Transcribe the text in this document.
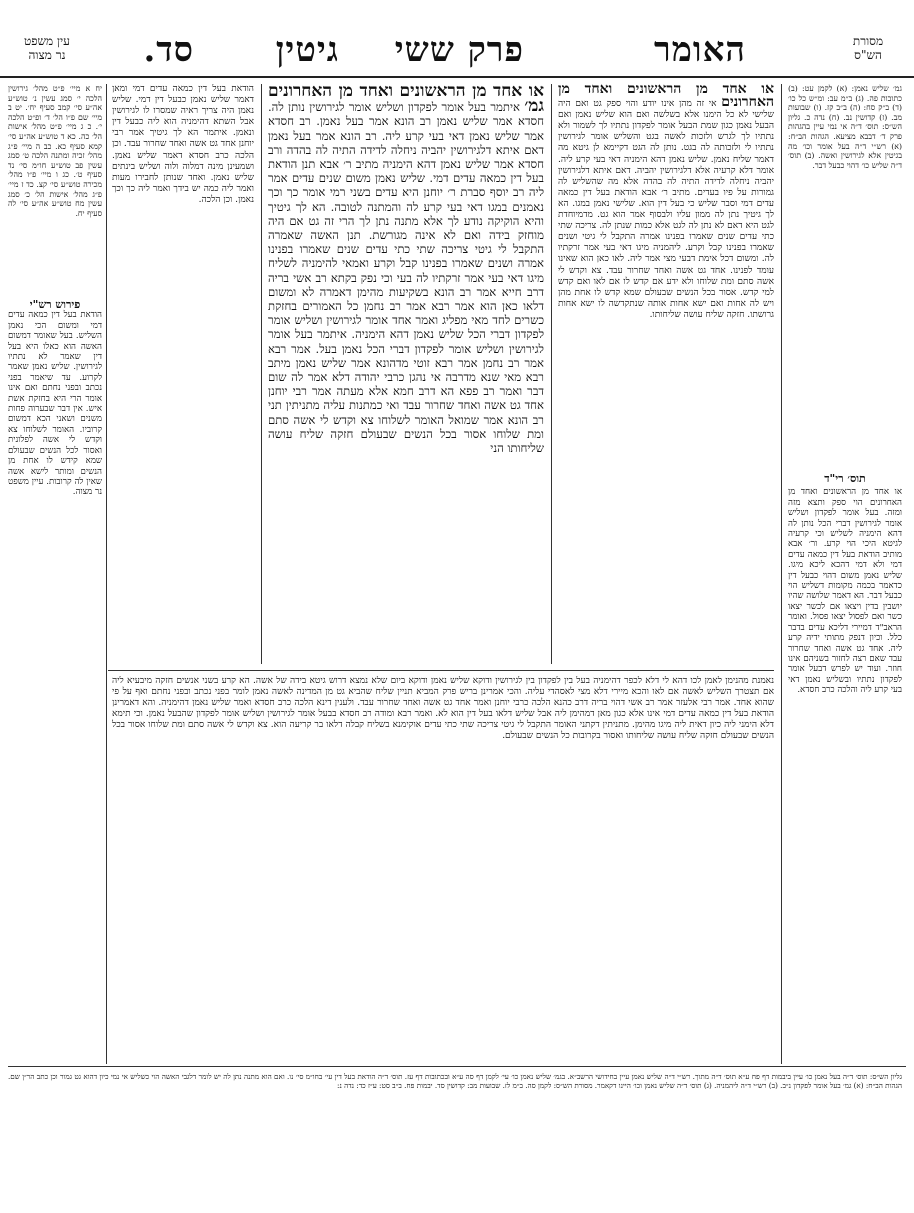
מסורת
הש"ס
האומר
פרק ששי
גיטין
סד.
עין משפט
נר מצוה

גמ׳ שליש נאמן: (א) לקמן עט: (ב) כתובות פה. (ג) ב״מ עב: ומ״ש כל כו׳ (ד) ב״ק סח: (ה) ב״ב קז. (ו) שבועות מב. (ז) קדושין נב. (ח) נדה כ. גליון הש״ס: תוס׳ ד״ה אי נמי עיין בהגהות פרק ד׳ דבבא מציעא. הגהות הב״ח: (א) רש״י ד״ה בעל אומר וכו׳ מה בגיטין אלא לגירושין ואשה. (ב) תוס׳ ד״ה שליש כו׳ דהוי כבעל דבר.

תוס׳ רי"ד

או אחד מן הראשונים ואחד מן האחרונים הוי ספק ותצא מזה ומזה. בעל אומר לפקדון ושליש אומר לגירושין דברי הכל נותן לה דהא הימניה לשליש וכי קרעיה לגיטא היכי הוי קרע. ור׳ אבא מותיב הודאת בעל דין כמאה עדים דמי ולא דמי דהכא ליכא מיגו. שליש נאמן משום דהוי כבעל דין כדאמר בכמה מקומות דשליש הוי כבעל דבר. הא דאמר שלושה שהיו יושבין בדין ויצאו אם לכשר יצאו כשר ואם לפסול יצאו פסול. ואומר הראב"ד דמיירי דליכא עדים בדבר כלל. וכיון דנפק מתותי ידיה קרע ליה. אחד גט אשה ואחד שחרור עבד שאם רצה לחזור בשניהם אינו חוזר. ועוד יש לפרש דבעל אומר לפקדון נתתיו ובשליש נאמן דאי בעי קרע ליה והלכה כרב חסדא.

או אחד מן הראשונים ואחד מן האחרונים אי זה מהן אינו יודע והוי ספק גט ואם היה שלישי לא כל הימנו אלא בשלשה ואם הוא שליש נאמן ואם הבעל נאמן כגון שמת הבעל אומר לפקדון נתתיו לך לשמור ולא נתתיו לך לגרש ולזכות לאשה בגט והשליש אומר לגירושין נתתיו לי ולזכותה לה בגט. נותן לה הגט דקיימא לן גיטא מה דאמר שליח נאמן. שליש נאמן דהא הימניה דאי בעי קרע ליה. אומר דלא קרעיה אלא דלגירושין יהביה. דאם איתא דלגירושין יהביה ניחלה לדידה התיה לה בהדה אלא מה שהשליש לה גמורות על פיו בעדים. מתיב ר׳ אבא הודאת בעל דין כמאה עדים דמי וסבר שליש כי בעל דין הוא. שלישי נאמן במגו. הא לך גיטיך נתן לה ממון עליו ולבסוף אמר הוא גט. מדמיוחדת לגט היא דאם לא נתן לה לגט אלא כמות שנתן לה. צריכה שתי כתי עדים שנים שאמרו בפנינו אמרה התקבל לי גיטי ושנים שאמרו בפנינו קבל וקרע. ליהמניה מיגו דאי בעי אמר זרקתיו לה. ומשום דכל אימת דבעי מצי אמר ליה. לאו כאן הוא שאינו עומד לפנינו. אחד גט אשה ואחד שחרור עבד. צא וקדש לי אשה סתם ומת שלוחו ולא ידע אם קדש לו אם לאו ואם קדש למי קדש. אסור בכל הנשים שבעולם שמא קדש לו אחת מהן ויש לה אחות ואם ישא אחות אותה שנתקדשה לו ישא אחות גרושתו. חזקה שליח עושה שליחותו.

או אחד מן הראשונים ואחד מן האחרונים גמ׳ איתמר בעל אומר לפקדון ושליש אומר לגירושין נותן לה. חסדא אמר שליש נאמן רב הונא אמר בעל נאמן. רב חסדא אמר שליש נאמן דאי בעי קרע ליה. רב הונא אמר בעל נאמן דאם איתא דלגירושין יהביה ניחלה לדידה התיה לה בהדה ורב חסדא אמר שליש נאמן דהא הימניה מתיב ר׳ אבא תנן הודאת בעל דין כמאה עדים דמי. שליש נאמן משום שנים עדים אמר ליה רב יוסף סברת ר׳ יוחנן היא עדים בשני רמי אומר כך וכך נאמנים במגו דאי בעי קרע לה והמתנה לטובה. הא לך גיטיך והיא הוקיקה נודע לך אלא מתנה נתן לך הרי זה גט אם היה מוחזק בידה ואם לא אינה מגורשת. תנן האשה שאמרה התקבל לי גיטי צריכה שתי כתי עדים שנים שאמרו בפנינו אמרה ושנים שאמרו בפנינו קבל וקרע ואמאי להימניה לשליח מיגו דאי בעי אמר זרקתיו לה בעי וכי נפק בקתא רב אשי בריה דרב חייא אמר רב הונא בשקיעות מהימן דאמרה לא ומשום דלאו כאן הוא אמר רבא אמר רב נחמן כל האמורים בחזקת כשרים לחד מאי מפליג ואמר אחד אומר לגירושין ושליש אומר לפקדון דברי הכל שליש נאמן דהא הימניה. איתמר בעל אומר לגירושין ושליש אומר לפקדון דברי הכל נאמן בעל. אמר רבא אמר רב נחמן אמר רבא זוטי מדהונא אמר שליש נאמן מיתב רבא מאי שנא מדרבה אי נהגן כרבי יהודה דלא אמר לה שום דבר ואמר רב פפא הא דרב חמא אלא מעתה אמר רבי יוחנן אחד גט אשה ואחד שחרור עבד ואי כמתנות עליה מתניתין תני רב הונא אמר שמואל האומר לשלוחו צא וקדש לי אשה סתם ומת שלוחו אסור בכל הנשים שבעולם חזקה שליח עושה שליחותו הני

הודאת בעל דין כמאה עדים דמי ומאן דאמר שליש נאמן כבעל דין דמי. שליש נאמן היה צריך ראיה שמסרו לו לגירושין אבל השתא דהימניה הוא ליה כבעל דין ונאמן. איתמר הא לך גיטיך אמר רבי יוחנן אחד גט אשה ואחד שחרור עבד. וכן הלכה כרב חסדא דאמר שליש נאמן. ושמעינן מינה דמלוה ולוה ושליש בינתים שליש נאמן. ואחד שנותן לחבירו מעות ואמר ליה כמה יש בידך ואמר ליה כך וכך נאמן. וכן הלכה.

יח א מיי׳ פ״ט מהל׳ גירושין הלכה י׳ סמג עשין נ׳ טוש״ע אה״ע סי׳ קמב סעיף יח׳. יט ב מיי׳ שם פ״ו הל׳ ד׳ ופ״ט הלכה י׳. כ ג מיי׳ פ״ט מהל׳ אישות הל׳ כה. כא ד טוש״ע אה״ע סי׳ קמא סעיף כא. כב ה מיי׳ פ״ג מהל׳ זכיה ומתנה הלכה ט׳ סמג עשין פב טוש״ע חו״מ סי׳ נד סעיף ט׳. כג ו מיי׳ פ״ו מהל׳ מכירה טוש״ע סי׳ קצ. כד ז מיי׳ פ״ג מהל׳ אישות הל׳ כ׳ סמג עשין מח טוש״ע אה״ע סי׳ לה סעיף יח.

פירוש רש"י

הודאת בעל דין כמאה עדים דמי ומשום הכי נאמן השליש. בעל שאומר דמשום האשה הוא כאלו היא בעל דין שאמר לא נתתיו לגירושין. שליש נאמן שאמר לקרוע. עד שיאמר בפני נכתב ובפני נחתם ואם אינו אומר הרי היא בחזקת אשת איש. אין דבר שבערוה פחות משנים ושאני הכא דמשום קרוביו. האומר לשלוחו צא וקדש לי אשה לפלונית ואסור לכל הנשים שבעולם שמא קידש לו אחת מן הנשים ומותר לישא אשה שאין לה קרובות. עיין משפט נר מצוה.

נאמנת מהנימן לאמן לכו דהא לי דלא לכפר דהימניה בעל בין לפקדון בין לגירושין ודוקא שליש נאמן ודוקא ביום שלא נמצא דרוש גיטא בידה של אשה. הא קרע בשני אנשים חזקה מיבעיא ליה אם תצטרך השליש לאשה אם לאו והכא מיירי דלא מצי לאסהדי עליה. והכי אמרינן בריש פרק המביא תניין שליח שהביא גט מן המדינה לאשה נאמן לומר בפני נכתב ובפני נחתם ואף על פי שהוא אחד. אמר רבי אלעזר אמר רב אשי דהוי בריה דרב כהנא הלכה כרבי יוחנן ואמר אחד גט אשה ואחד שחרור עבד. ולענין דינא הלכה כרב חסדא ואמר שליש נאמן דהימניה. והא דאמרינן הודאת בעל דין כמאה עדים דמי אינו אלא כגון מאן דמהימן ליה אבל שליש דלאו בעל דין הוא לא. ואמר רבא ומודה רב חסדא בבעל אומר לגירושין ושליש אומר לפקדון שהבעל נאמן. וכי תימא דלא הימני ליה כיון דאית ליה מיגו מהימן. מתניתין דקתני האומר התקבל לי גיטי צריכה שתי כתי עדים אוקימנא בשליח קבלה דלאו בר קריעה הוא. צא וקדש לי אשה סתם ומת שלוחו אסור בכל הנשים שבעולם חזקה שליח עושה שליחותו ואסור בקרובות כל הנשים שבעולם.

גליון הש״ס: תוס׳ ד״ה בעל נאמן כו׳ עיין ביבמות דף פח ע״א תוס׳ ד״ה מתוך. רש״י ד״ה שליש נאמן עיין בחידושי הרשב״א. בגמ׳ שליש נאמן כו׳ עי׳ לקמן דף סה ע״א ובכתובות דף עז. תוס׳ ד״ה הודאת בעל דין עי׳ בחו״מ סי׳ נו. ואם הוא מתנה נתן לה יש לומר דלגבי האשה הוי כשליש אי נמי כיון דהוא גט גמור וכן כתב הר״ן שם. הגהות הב״ח: (א) גמ׳ בעל אומר לפקדון נ״ב. (ב) רש״י ד״ה ליהמניה. (ג) תוס׳ ד״ה שליש נאמן וכו׳ היינו דקאמר. מסורת הש״ס: לקמן סה. ב״מ לז. שבועות מב: קדושין סד. יבמות פח. ב״ב סט: ע״ז כד: נדה נ:
